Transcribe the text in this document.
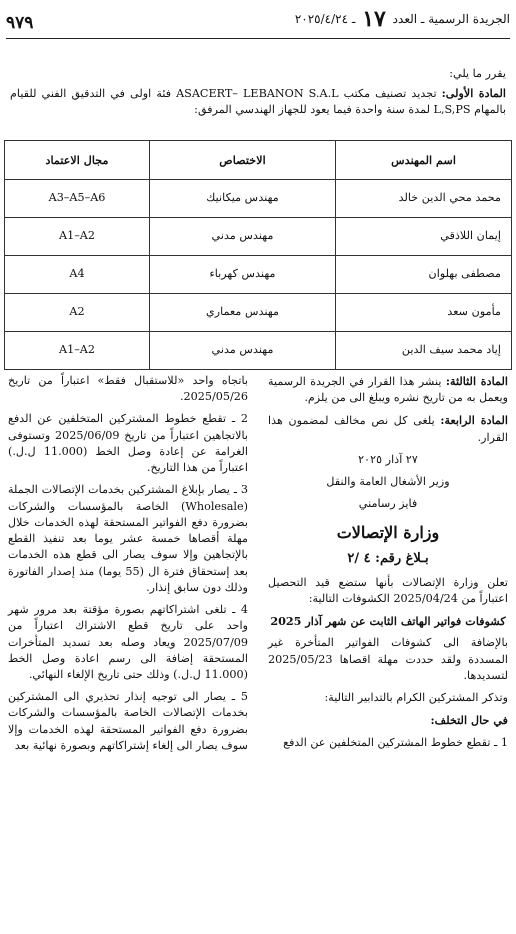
الجريدة الرسمية ـ العدد ١٧ ـ ٢٠٢٥/٤/٢٤
٩٧٩

يقرر ما يلي:

المادة الأولى: تجديد تصنيف مكتب ASACERT– LEBANON S.A.L فئة اولى في التدقيق الفني للقيام بالمهام L,S,PS لمدة سنة واحدة فيما يعود للجهاز الهندسي المرفق:

اسم المهندس	الاختصاص	مجال الاعتماد
محمد محي الدين خالد	مهندس ميكانيك	A3–A5–A6
إيمان اللاذقي	مهندس مدني	A1–A2
مصطفى بهلوان	مهندس كهرباء	A4
مأمون سعد	مهندس معماري	A2
إياد محمد سيف الدين	مهندس مدني	A1–A2

المادة الثالثة: ينشر هذا القرار في الجريدة الرسمية ويعمل به من تاريخ نشره ويبلغ الى من يلزم.

المادة الرابعة: يلغى كل نص مخالف لمضمون هذا القرار.

٢٧ آذار ٢٠٢٥

وزير الأشغال العامة والنقل

فايز رسامني

وزارة الإتصالات
بـلاغ رقم: ٤ /٢

تعلن وزارة الإتصالات بأنها ستضع قيد التحصيل اعتباراً من 2025/04/24 الكشوفات التالية:

كشوفات فواتير الهاتف الثابت عن شهر آذار 2025

بالإضافة الى كشوفات الفواتير المتأخرة غير المسددة ولقد حددت مهلة اقصاها 2025/05/23 لتسديدها.

وتذكر المشتركين الكرام بالتدابير التالية:

في حال التخلف:

1 ـ تقطع خطوط المشتركين المتخلفين عن الدفع

باتجاه واحد «للاستقبال فقط» اعتباراً من تاريخ 2025/05/26.

2 ـ تقطع خطوط المشتركين المتخلفين عن الدفع بالاتجاهين اعتباراً من تاريخ 2025/06/09 وتستوفى الغرامة عن إعادة وصل الخط (11.000 ل.ل.) اعتباراً من هذا التاريخ.

3 ـ يصار بإبلاغ المشتركين بخدمات الإتصالات الجملة (Wholesale) الخاصة بالمؤسسات والشركات بضرورة دفع الفواتير المستحقة لهذه الخدمات خلال مهلة أقصاها خمسة عشر يوما بعد تنفيذ القطع بالإتجاهين وإلا سوف يصار الى قطع هذه الخدمات بعد إستحقاق فترة ال (55 يوما) منذ إصدار الفاتورة وذلك دون سابق إنذار.

4 ـ تلغى اشتراكاتهم بصورة مؤقتة بعد مرور شهر واحد على تاريخ قطع الاشتراك اعتباراً من 2025/07/09 ويعاد وصله بعد تسديد المتأخرات المستحقة إضافة الى رسم اعادة وصل الخط (11.000 ل.ل.) وذلك حتى تاريخ الإلغاء النهائي.

5 ـ يصار الى توجيه إنذار تحذيري الى المشتركين بخدمات الإتصالات الخاصة بالمؤسسات والشركات بضرورة دفع الفواتير المستحقة لهذه الخدمات وإلا سوف يصار الى إلغاء إشتراكاتهم وبصورة نهائية بعد
